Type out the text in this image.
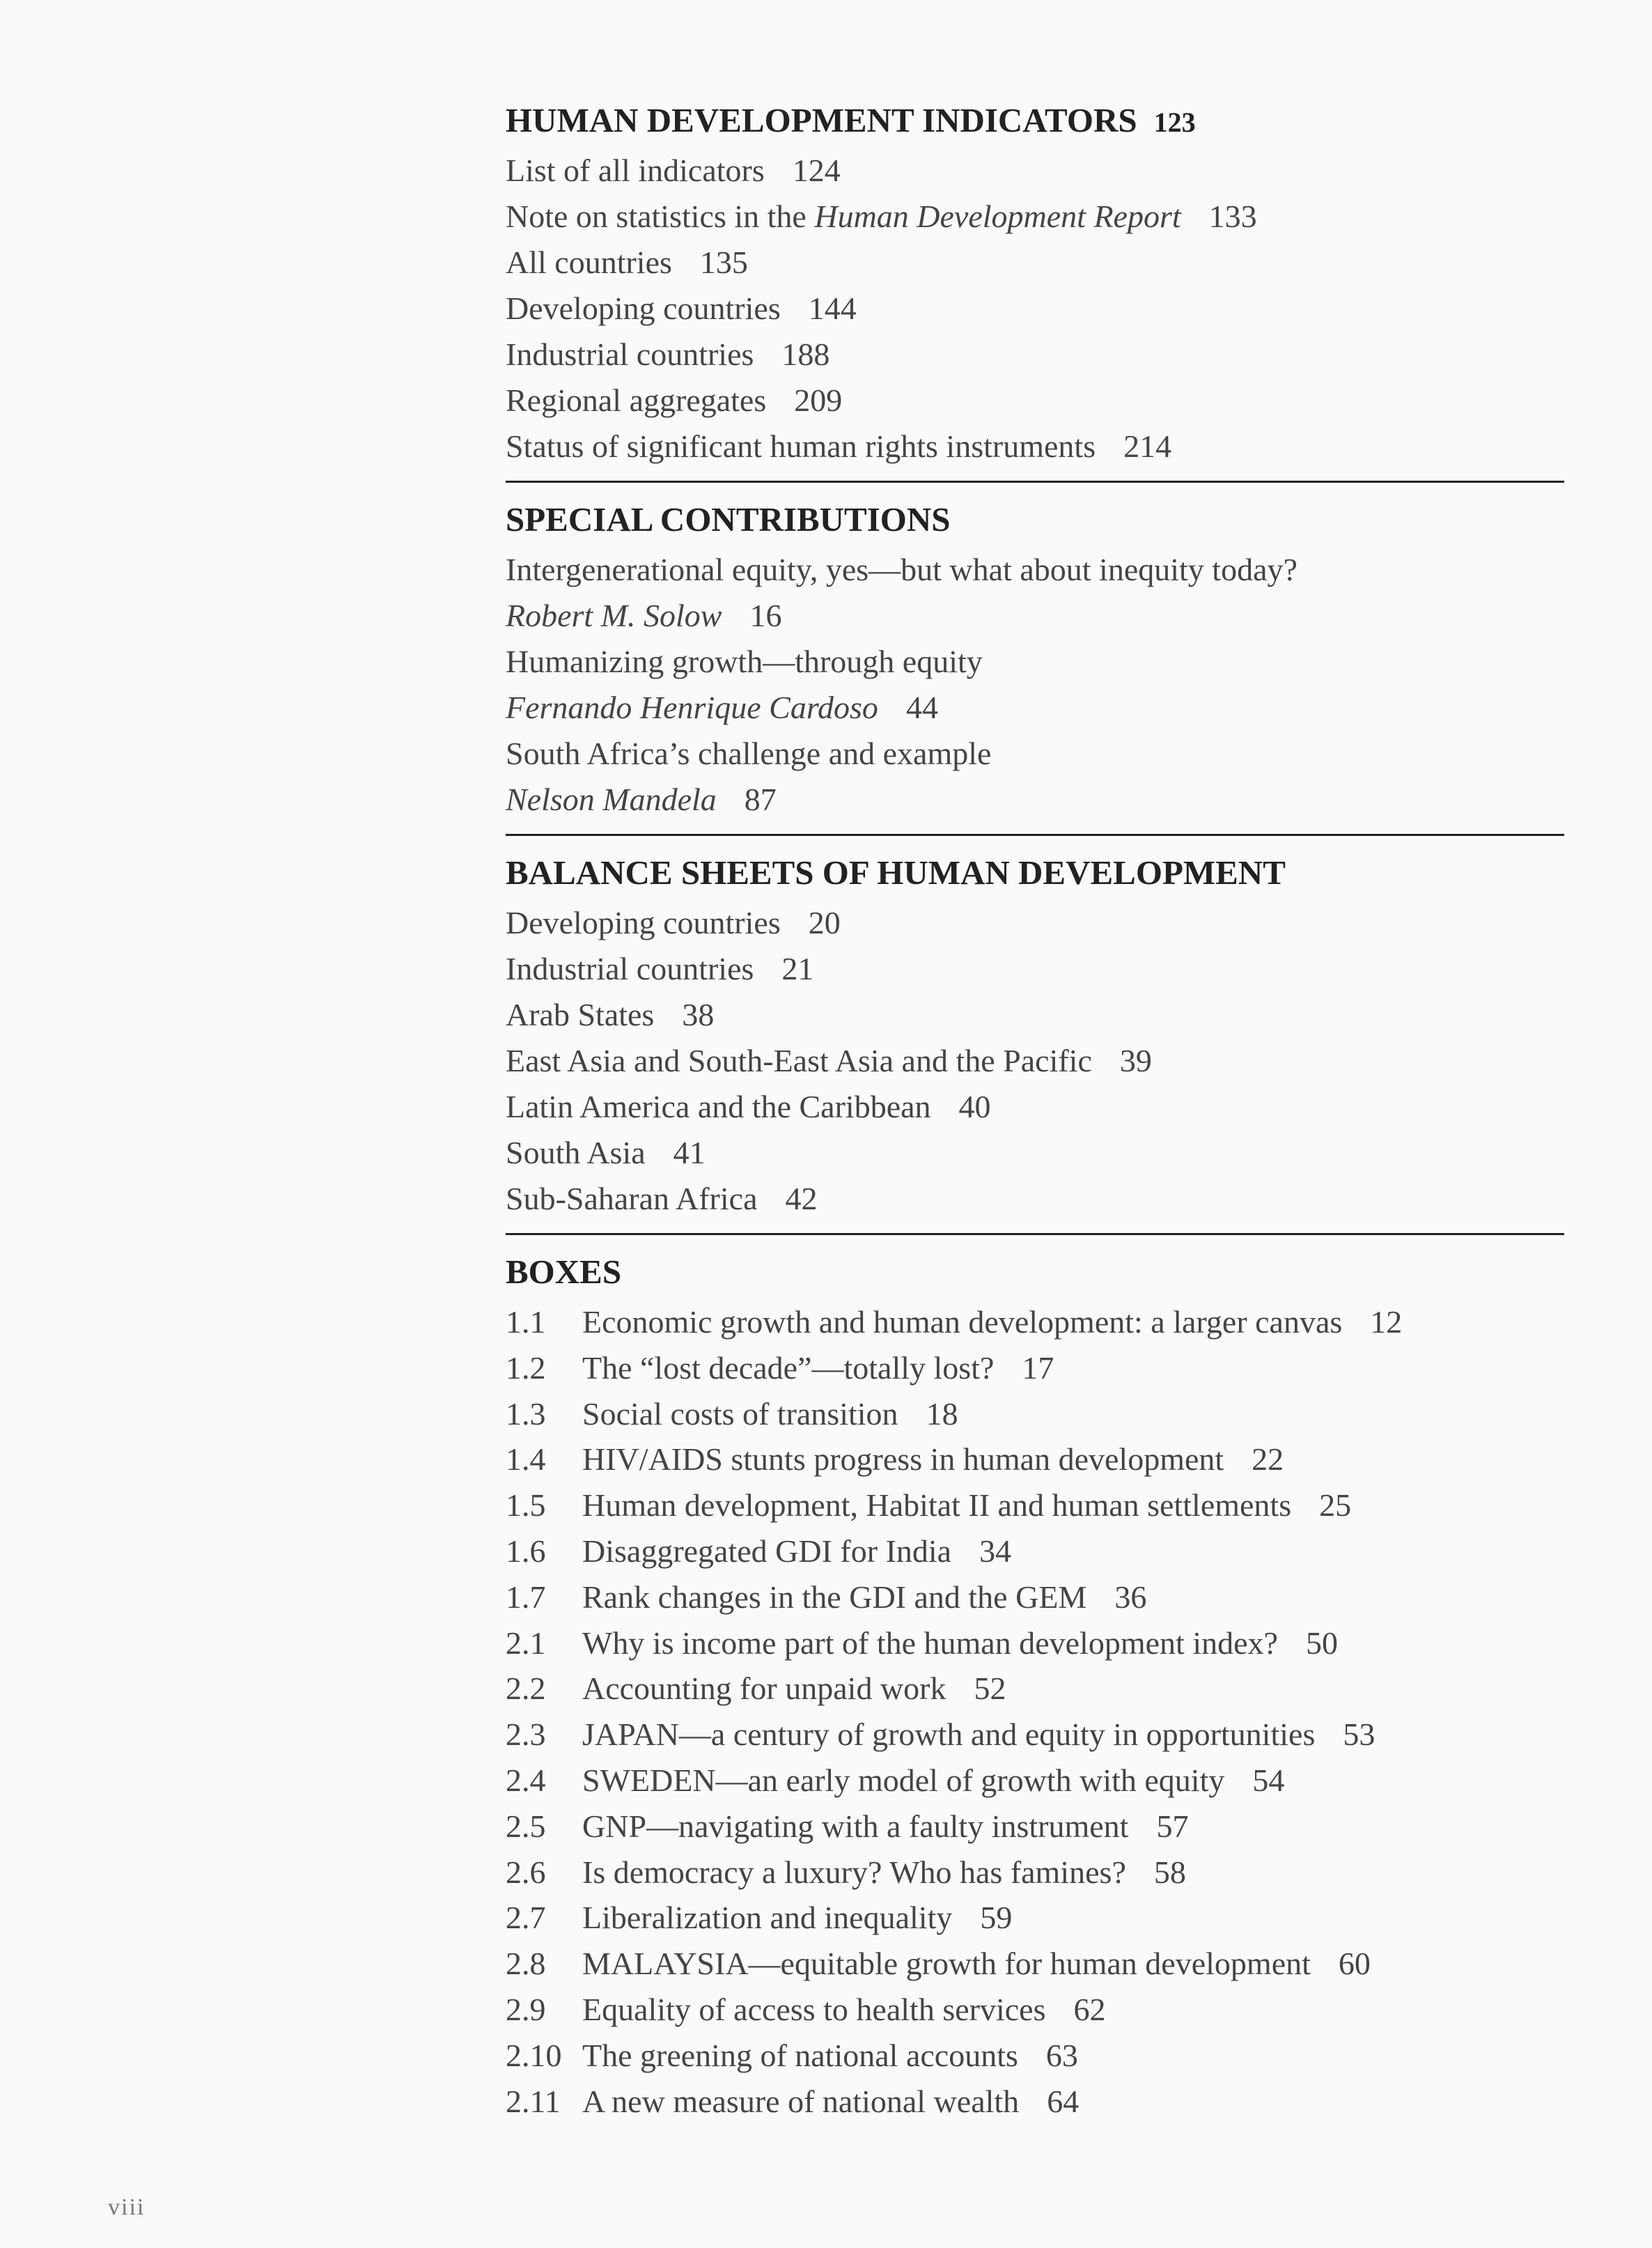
HUMAN DEVELOPMENT INDICATORS 123
List of all indicators 124
Note on statistics in the Human Development Report 133
All countries 135
Developing countries 144
Industrial countries 188
Regional aggregates 209
Status of significant human rights instruments 214
SPECIAL CONTRIBUTIONS
Intergenerational equity, yes—but what about inequity today?
Robert M. Solow 16
Humanizing growth—through equity
Fernando Henrique Cardoso 44
South Africa’s challenge and example
Nelson Mandela 87
BALANCE SHEETS OF HUMAN DEVELOPMENT
Developing countries 20
Industrial countries 21
Arab States 38
East Asia and South-East Asia and the Pacific 39
Latin America and the Caribbean 40
South Asia 41
Sub-Saharan Africa 42
BOXES
1.1	Economic growth and human development: a larger canvas 12
1.2	The “lost decade”—totally lost? 17
1.3	Social costs of transition 18
1.4	HIV/AIDS stunts progress in human development 22
1.5	Human development, Habitat II and human settlements 25
1.6	Disaggregated GDI for India 34
1.7	Rank changes in the GDI and the GEM 36
2.1	Why is income part of the human development index? 50
2.2	Accounting for unpaid work 52
2.3	JAPAN—a century of growth and equity in opportunities 53
2.4	SWEDEN—an early model of growth with equity 54
2.5	GNP—navigating with a faulty instrument 57
2.6	Is democracy a luxury? Who has famines? 58
2.7	Liberalization and inequality 59
2.8	MALAYSIA—equitable growth for human development 60
2.9	Equality of access to health services 62
2.10 The greening of national accounts 63
2.11 A new measure of national wealth 64
viii
